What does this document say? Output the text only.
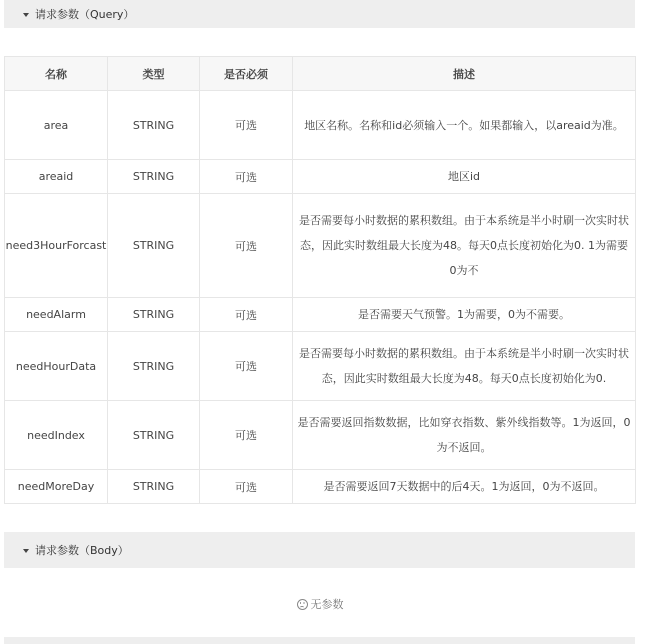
请求参数（Query）
名称	类型	是否必须	描述
area	STRING	可选	地区名称。名称和id必须输入一个。如果都输入，以areaid为准。

areaid	STRING	可选	地区id

need3HourForcast	STRING	可选	是否需要每小时数据的累积数组。由于本系统是半小时刷一次实时状态，因此实时数组最大长度为48。每天0点长度初始化为0. 1为需要 0为不

needAlarm	STRING	可选	是否需要天气预警。1为需要，0为不需要。

needHourData	STRING	可选	是否需要每小时数据的累积数组。由于本系统是半小时刷一次实时状态，因此实时数组最大长度为48。每天0点长度初始化为0.

needIndex	STRING	可选	是否需要返回指数数据，比如穿衣指数、紫外线指数等。1为返回，0为不返回。

needMoreDay	STRING	可选	是否需要返回7天数据中的后4天。1为返回，0为不返回。
请求参数（Body）
无参数
